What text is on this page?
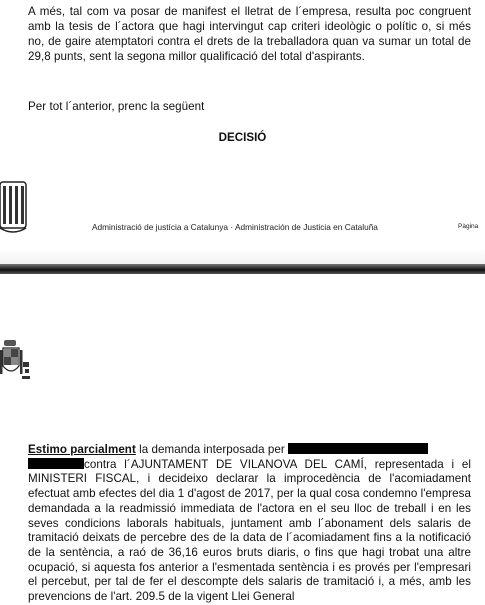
A més, tal com va posar de manifest el lletrat de l´empresa, resulta poc congruent amb la tesis de l´actora que hagi intervingut cap criteri ideològic o polític o, si més no, de gaire atemptatori contra el drets de la treballadora quan va sumar un total de 29,8 punts, sent la segona millor qualificació del total d'aspirants.
Per tot l´anterior, prenc la següent
DECISIÓ
Administració de justícia a Catalunya · Administración de Justicia en Cataluña	Pàgina
Estimo parcialment la demanda interposada per
contra l´AJUNTAMENT DE VILANOVA DEL CAMÍ, representada i el MINISTERI FISCAL, i decideixo declarar la improcedència de l'acomiadament efectuat amb efectes del dia 1 d'agost de 2017, per la qual cosa condemno l'empresa demandada a la readmissió immediata de l'actora en el seu lloc de treball i en les seves condicions laborals habituals, juntament amb l´abonament dels salaris de tramitació deixats de percebre des de la data de l´acomiadament fins a la notificació de la sentència, a raó de 36,16 euros bruts diaris, o fins que hagi trobat una altre ocupació, si aquesta fos anterior a l'esmentada sentència i es provés per l'empresari el percebut, per tal de fer el descompte dels salaris de tramitació i, a més, amb les prevencions de l'art. 209.5 de la vigent Llei General
